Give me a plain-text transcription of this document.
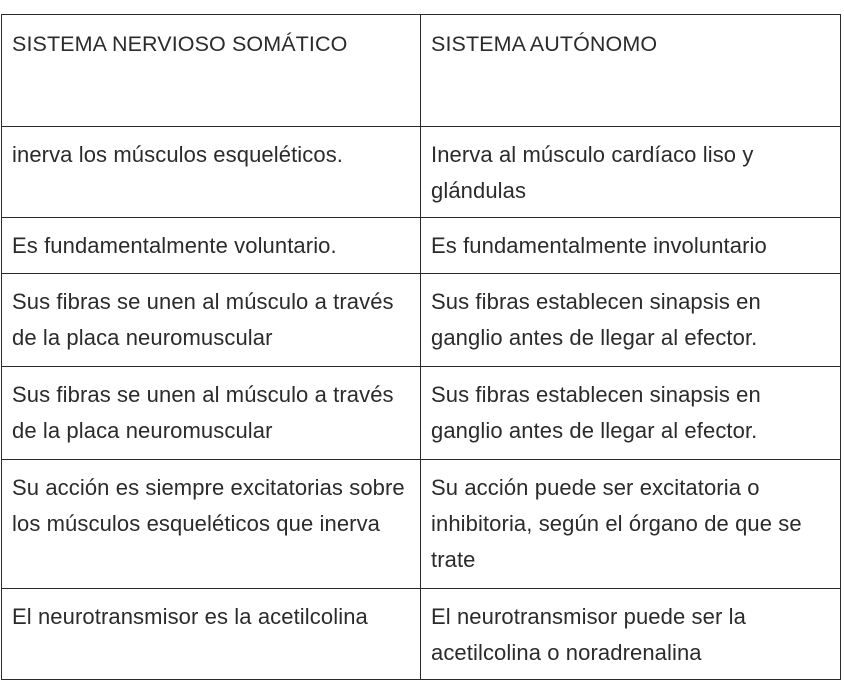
SISTEMA NERVIOSO SOMÁTICO	SISTEMA AUTÓNOMO
inerva los músculos esqueléticos.	Inerva al músculo cardíaco liso y glándulas
Es fundamentalmente voluntario.	Es fundamentalmente involuntario
Sus fibras se unen al músculo a través de la placa neuromuscular	Sus fibras establecen sinapsis en ganglio antes de llegar al efector.
Sus fibras se unen al músculo a través de la placa neuromuscular	Sus fibras establecen sinapsis en ganglio antes de llegar al efector.
Su acción es siempre excitatorias sobre los músculos esqueléticos que inerva	Su acción puede ser excitatoria o inhibitoria, según el órgano de que se trate
El neurotransmisor es la acetilcolina	El neurotransmisor puede ser la acetilcolina o noradrenalina
